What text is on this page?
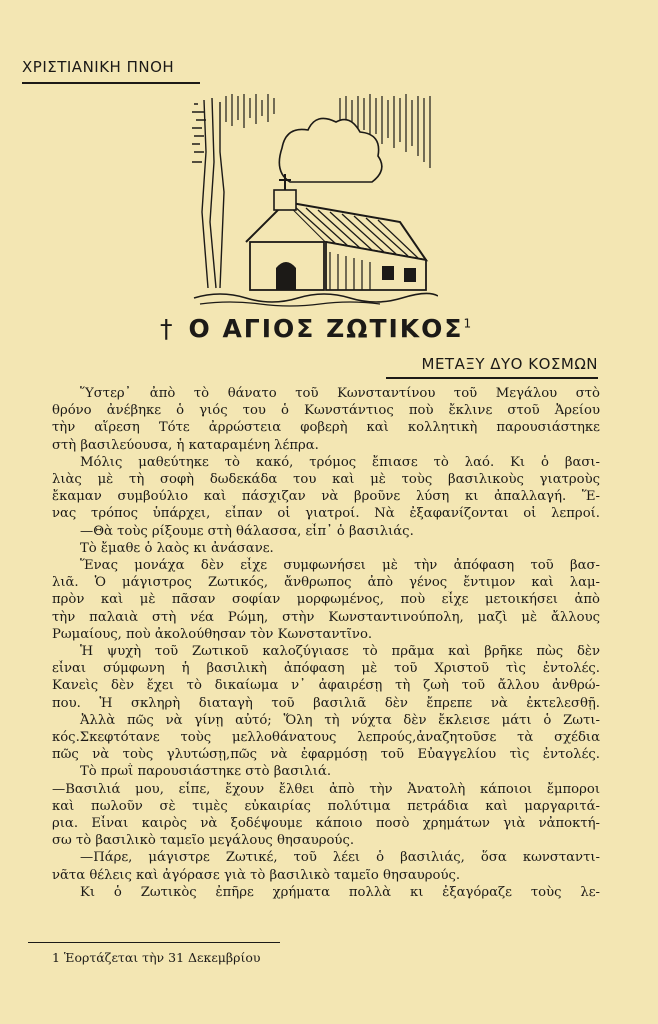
ΧΡΙΣΤΙΑΝΙΚΗ ΠΝΟΗ
† Ο ΑΓΙΟΣ ΖΩΤΙΚΟΣ$^1$
ΜΕΤΑΞΥ ΔΥΟ ΚΟΣΜΩΝ
Ὕστερ᾽ ἀπὸ τὸ θάνατο τοῦ Κωνσταντίνου τοῦ Μεγάλου στὸ
θρόνο ἀνέβηκε ὁ γιός του ὁ Κωνστάντιος ποὺ ἔκλινε στοῦ Ἀρείου
τὴν αἵρεση Τότε ἀρρώστεια φοβερὴ καὶ κολλητικὴ παρουσιάστηκε
στὴ βασιλεύουσα, ἡ καταραμένη λέπρα.
Μόλις μαθεύτηκε τὸ κακό, τρόμος ἔπιασε τὸ λαό. Κι ὁ βασι-
λιὰς μὲ τὴ σοφὴ δωδεκάδα του καὶ μὲ τοὺς βασιλικοὺς γιατροὺς
ἔκαμαν συμβούλιο καὶ πάσχιζαν νὰ βροῦνε λύση κι ἀπαλλαγή. Ἕ-
νας τρόπος ὑπάρχει, εἶπαν οἱ γιατροί. Νὰ ἐξαφανίζονται οἱ λεπροί.
—Θὰ τοὺς ρίξουμε στὴ θάλασσα, εἶπ᾽ ὁ βασιλιάς.
Τὸ ἔμαθε ὁ λαὸς κι ἀνάσανε.
Ἕνας μονάχα δὲν εἶχε συμφωνήσει μὲ τὴν ἀπόφαση τοῦ βασ-
λιᾶ. Ὁ μάγιστρος Ζωτικός, ἄνθρωπος ἀπὸ γένος ἔντιμον καὶ λαμ-
πρὸν καὶ μὲ πᾶσαν σοφίαν μορφωμένος, ποὺ εἶχε μετοικήσει ἀπὸ
τὴν παλαιὰ στὴ νέα Ρώμη, στὴν Κωνσταντινούπολη, μαζὶ μὲ ἄλλους
Ρωμαίους, ποὺ ἀκολούθησαν τὸν Κωνσταντῖνο.
Ἡ ψυχὴ τοῦ Ζωτικοῦ καλοζύγιασε τὸ πρᾶμα καὶ βρῆκε πὼς δὲν
εἶναι σύμφωνη ἡ βασιλικὴ ἀπόφαση μὲ τοῦ Χριστοῦ τὶς ἐντολές.
Κανεὶς δὲν ἔχει τὸ δικαίωμα ν᾽ ἀφαιρέσῃ τὴ ζωὴ τοῦ ἄλλου ἀνθρώ-
που. Ἡ σκληρὴ διαταγὴ τοῦ βασιλιᾶ δὲν ἔπρεπε νὰ ἐκτελεσθῇ.
Ἀλλὰ πῶς νὰ γίνῃ αὐτό; Ὅλη τὴ νύχτα δὲν ἔκλεισε μάτι ὁ Ζωτι-
κός.Σκεφτότανε τοὺς μελλοθάνατους λεπρούς,ἀναζητοῦσε τὰ σχέδια
πῶς νὰ τοὺς γλυτώσῃ,πῶς νὰ ἐφαρμόσῃ τοῦ Εὐαγγελίου τὶς ἐντολές.
Τὸ πρωῒ παρουσιάστηκε στὸ βασιλιά.
—Βασιλιά μου, εἶπε, ἔχουν ἔλθει ἀπὸ τὴν Ἀνατολὴ κάποιοι ἔμποροι
καὶ πωλοῦν σὲ τιμὲς εὐκαιρίας πολύτιμα πετράδια καὶ μαργαριτά-
ρια. Εἶναι καιρὸς νὰ ξοδέψουμε κάποιο ποσὸ χρημάτων γιὰ νἀποκτή-
σω τὸ βασιλικὸ ταμεῖο μεγάλους θησαυρούς.
—Πάρε, μάγιστρε Ζωτικέ, τοῦ λέει ὁ βασιλιάς, ὅσα κωνσταντι-
νᾶτα θέλεις καὶ ἀγόρασε γιὰ τὸ βασιλικὸ ταμεῖο θησαυρούς.
Κι ὁ Ζωτικὸς ἐπῆρε χρήματα πολλὰ κι ἐξαγόραζε τοὺς λε-
1 Ἑορτάζεται τὴν 31 Δεκεμβρίου
